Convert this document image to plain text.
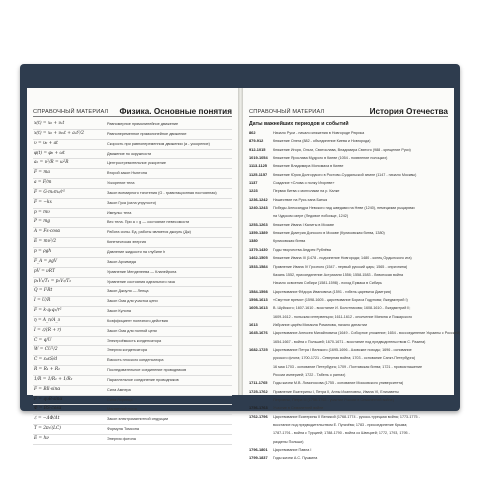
СПРАВОЧНЫЙ МАТЕРИАЛ Физика. Основные понятия
x(t) = x₀ + υₓt	Равномерное прямолинейное движение
x(t) = x₀ + υ₀ₓt + aₓt²/2	Равнопеременное прямолинейное движение
υ = υ₀ + at	Скорость при равнопеременном движении (a - ускорение)
φ(t) = φ₀ + ωt	Движение по окружности
aₙ = υ²/R = ω²R	Центростремительное ускорение
F = ma	Второй закон Ньютона
a = F/m	Ускорение тела
F = G·m₁m₂/r²	Закон всемирного тяготения (G - гравитационная постоянная)
F = −kx	Закон Гука (сила упругости)
p = mυ	Импульс тела
P = mg	Вес тела. При a = g — состояние невесомости
A = Fs·cosα	Работа силы. Ед. работы является джоуль (Дж)
E = mυ²/2	Кинетическая энергия
p = ρgh	Давление жидкости на глубине h
F_A = ρgV	Закон Архимеда
pV = νRT	Уравнение Менделеева — Клапейрона
p₁V₁/T₁ = p₂V₂/T₂	Уравнение состояния идеального газа
Q = I²Rt	Закон Джоуля — Ленца
I = U/R	Закон Ома для участка цепи
F = k·q₁q₂/r²	Закон Кулона
η = A_п/A_з	Коэффициент полезного действия
I = ℰ/(R + r)	Закон Ома для полной цепи
C = q/U	Электроёмкость конденсатора
W = CU²/2	Энергия конденсатора
C = ε₀εS/d	Ёмкость плоского конденсатора
R = R₁ + R₂	Последовательное соединение проводников
1/R = 1/R₁ + 1/R₂	Параллельное соединение проводников
F = BIl·sinα	Сила Ампера
F = qυB·sinα	Сила Лоренца
Φ = BS·cosα	Магнитный поток
ℰ = −ΔΦ/Δt	Закон электромагнитной индукции
T = 2π√(LC)	Формула Томсона
E = hν	Энергия фотона
СПРАВОЧНЫЙ МАТЕРИАЛ	История Отечества
Даты важнейших периодов и событий
862	Начало Руси - начало княжения в Новгороде Рюрика
879-912	Княжение Олега (882 - объединение Киева и Новгорода)
912-1015	Княжение Игоря, Ольги, Святослава, Владимира Святого (988 - крещение Руси)
1019-1054	Княжение Ярослава Мудрого в Киеве (1054 - появление полоцких)
1113-1125	Княжение Владимира Мономаха в Киеве
1125-1157	Княжение Юрия Долгорукого в Ростово-Суздальской земле (1147 - начало Москвы)
1137	Создание «Слова о полку Игореве»
1223	Первая битва с монголами на р. Калке
1236-1242	Нашествие на Русь хана Батыя
1240-1243	Победы Александра Невского над шведами на Неве (1240), немецкими рыцарями
на Чудском озере (Ледовое побоище, 1242)
1253-1263	Княжение Ивана I Калиты в Москве
1359-1389	Княжение Дмитрия Донского в Москве (Куликовская битва, 1380)
1380	Куликовская битва
1379-1430	Годы творчества Андрея Рублёва
1462-1505	Княжение Ивана III (1478 - подчинение Новгорода; 1480 - конец Ордынского ига)
1533-1584	Правление Ивана IV Грозного (1547 - первый русский царь; 1565 - опричнина)
Казань 1552, присоединение Астрахани 1556; 1558-1583 - Ливонская война
Начало освоения Сибири (1581-1598) - поход Ермака в Сибирь
1584-1598	Царствование Фёдора Ивановича (1591 - гибель царевича Дмитрия)
1598-1613	«Смутное время» (1598-1605 - царствование Бориса Годунова; Лжедмитрий I)
1605-1613	В. Шуйского; 1607-1610 - восстание И. Болотникова; 1608-1610 - Лжедмитрий II;
1609-1612 - польская интервенция; 1611-1612 - ополчение Минина и Пожарского
1613	Избрание царём Михаила Романова, начало династии
1645-1676	Царствование Алексея Михайловича (1649 - Соборное уложение; 1654 - воссоединение Украины с Россией)
1654-1667 - война с Польшей; 1670-1671 - восстание под предводительством С. Разина)
1682-1725	Царствование Петра I Великого (1695-1696 - Азовские походы; 1696 - основание
русского флота; 1700-1721 - Северная война; 1703 - основание Санкт-Петербурга)
16 мая 1703 - основание Петербурга; 1709 - Полтавская битва; 1721 - провозглашение
России империей; 1722 - Табель о рангах)
1711-1765	Годы жизни М.В. Ломоносова (1755 - основание Московского университета)
1725-1762	Правление Екатерины I, Петра II, Анны Иоанновны, Ивана VI, Елизаветы
Петровны, Петра III (1756-1763 - участие России в Семилетней войне)
1756-1763	Участие в Семилетней войне
1762-1796	Царствование Екатерины II Великой (1768-1774 - русско-турецкая война; 1773-1775 -
восстание под предводительством Е. Пугачёва; 1783 - присоединение Крыма;
1787-1791 - война с Турцией; 1788-1790 - война со Швецией; 1772, 1793, 1795 -
разделы Польши)
1796-1801	Царствование Павла I
1799-1837	Годы жизни А.С. Пушкина
